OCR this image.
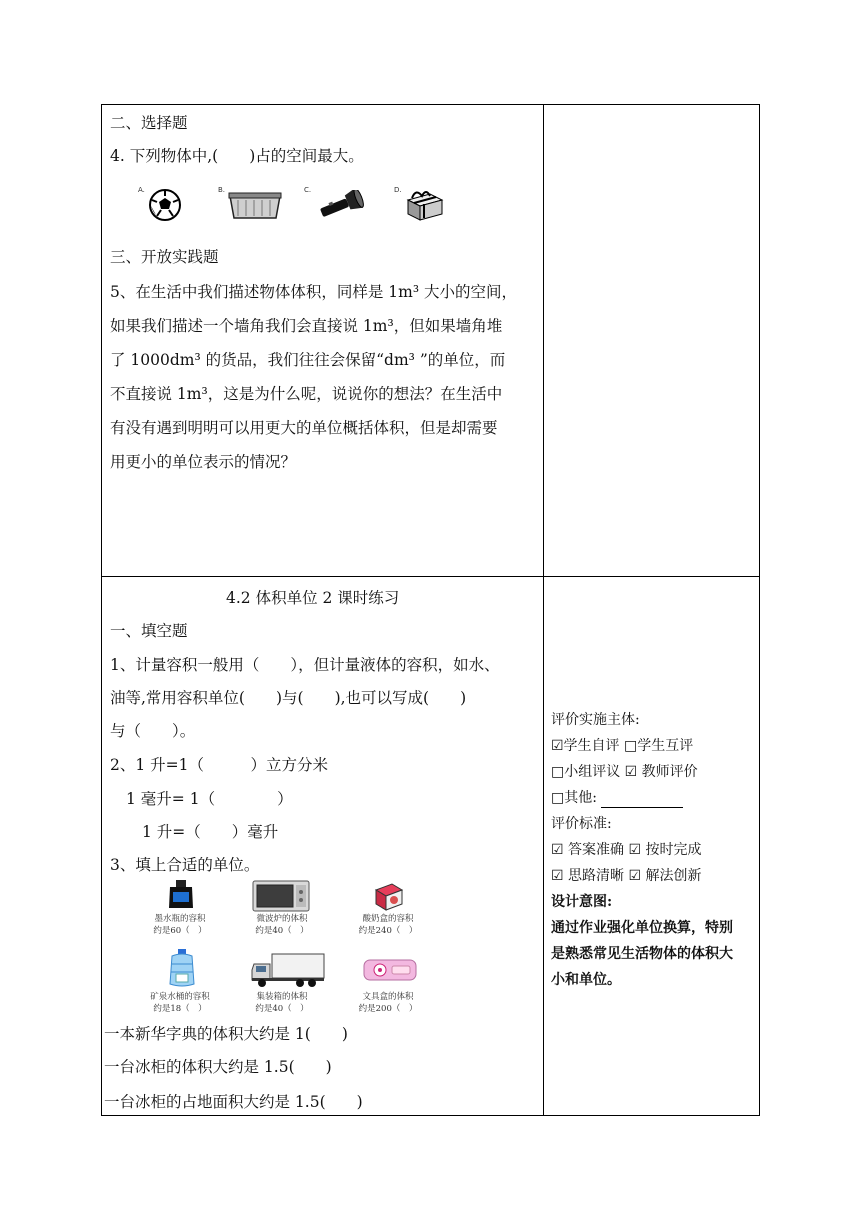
二、选择题
4. 下列物体中,(　　)占的空间最大。
A.	B.	C.	D.
三、开放实践题
5、在生活中我们描述物体体积，同样是 1m³ 大小的空间，
如果我们描述一个墙角我们会直接说 1m³，但如果墙角堆
了 1000dm³ 的货品，我们往往会保留“dm³ ”的单位，而
不直接说 1m³，这是为什么呢，说说你的想法？在生活中
有没有遇到明明可以用更大的单位概括体积，但是却需要
用更小的单位表示的情况？
4.2 体积单位 2 课时练习
一、填空题
1、计量容积一般用（　　），但计量液体的容积，如水、
油等,常用容积单位(　　)与(　　),也可以写成(　　)
与（　　）。
2、1 升=1（　　　）立方分米
1 毫升= 1（　　　　）
1 升=（　　）毫升
3、填上合适的单位。
墨水瓶的容积
约是60（　）
微波炉的体积
约是40（　）
酸奶盒的容积
约是240（　）
矿泉水桶的容积
约是18（　）
集装箱的体积
约是40（　）
文具盒的体积
约是200（　）
一本新华字典的体积大约是 1(　　)
一台冰柜的体积大约是 1.5(　　)
一台冰柜的占地面积大约是 1.5(　　)
评价实施主体:
☑学生自评 □学生互评
□小组评议 ☑ 教师评价
□其他:
评价标准:
☑ 答案准确 ☑ 按时完成
☑ 思路清晰 ☑ 解法创新
设计意图:
通过作业强化单位换算，特别
是熟悉常见生活物体的体积大
小和单位。
